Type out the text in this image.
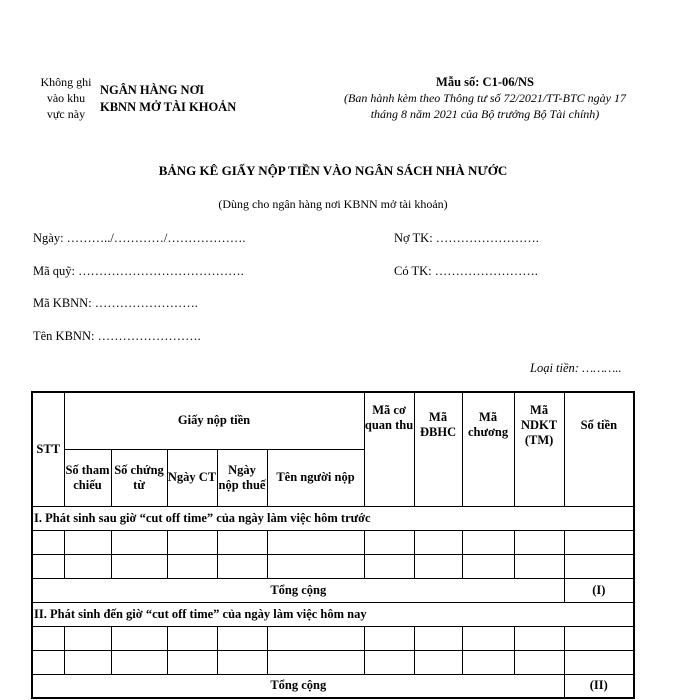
Không ghi
vào khu
vực này
NGÂN HÀNG NƠI
KBNN MỞ TÀI KHOẢN
Mẫu số: C1-06/NS
(Ban hành kèm theo Thông tư số 72/2021/TT-BTC ngày 17
tháng 8 năm 2021 của Bộ trưởng Bộ Tài chính)
BẢNG KÊ GIẤY NỘP TIỀN VÀO NGÂN SÁCH NHÀ NƯỚC
(Dùng cho ngân hàng nơi KBNN mở tài khoản)
Ngày: ………../…………/……………….	Nợ TK: …………………….
Mã quỹ: ………………………………….	Có TK: …………………….
Mã KBNN: …………………….
Tên KBNN: …………………….
Loại tiền: ………..
STT	Giấy nộp tiền					Mã cơ quan thu	Mã ĐBHC	Mã chương	Mã NDKT (TM)	Số tiền
	Số tham chiếu	Số chứng từ	Ngày CT	Ngày nộp thuế	Tên người nộp					
I. Phát sinh sau giờ “cut off time” của ngày làm việc hôm trước										

Tổng cộng										(I)
II. Phát sinh đến giờ “cut off time” của ngày làm việc hôm nay										

Tổng cộng										(II)
